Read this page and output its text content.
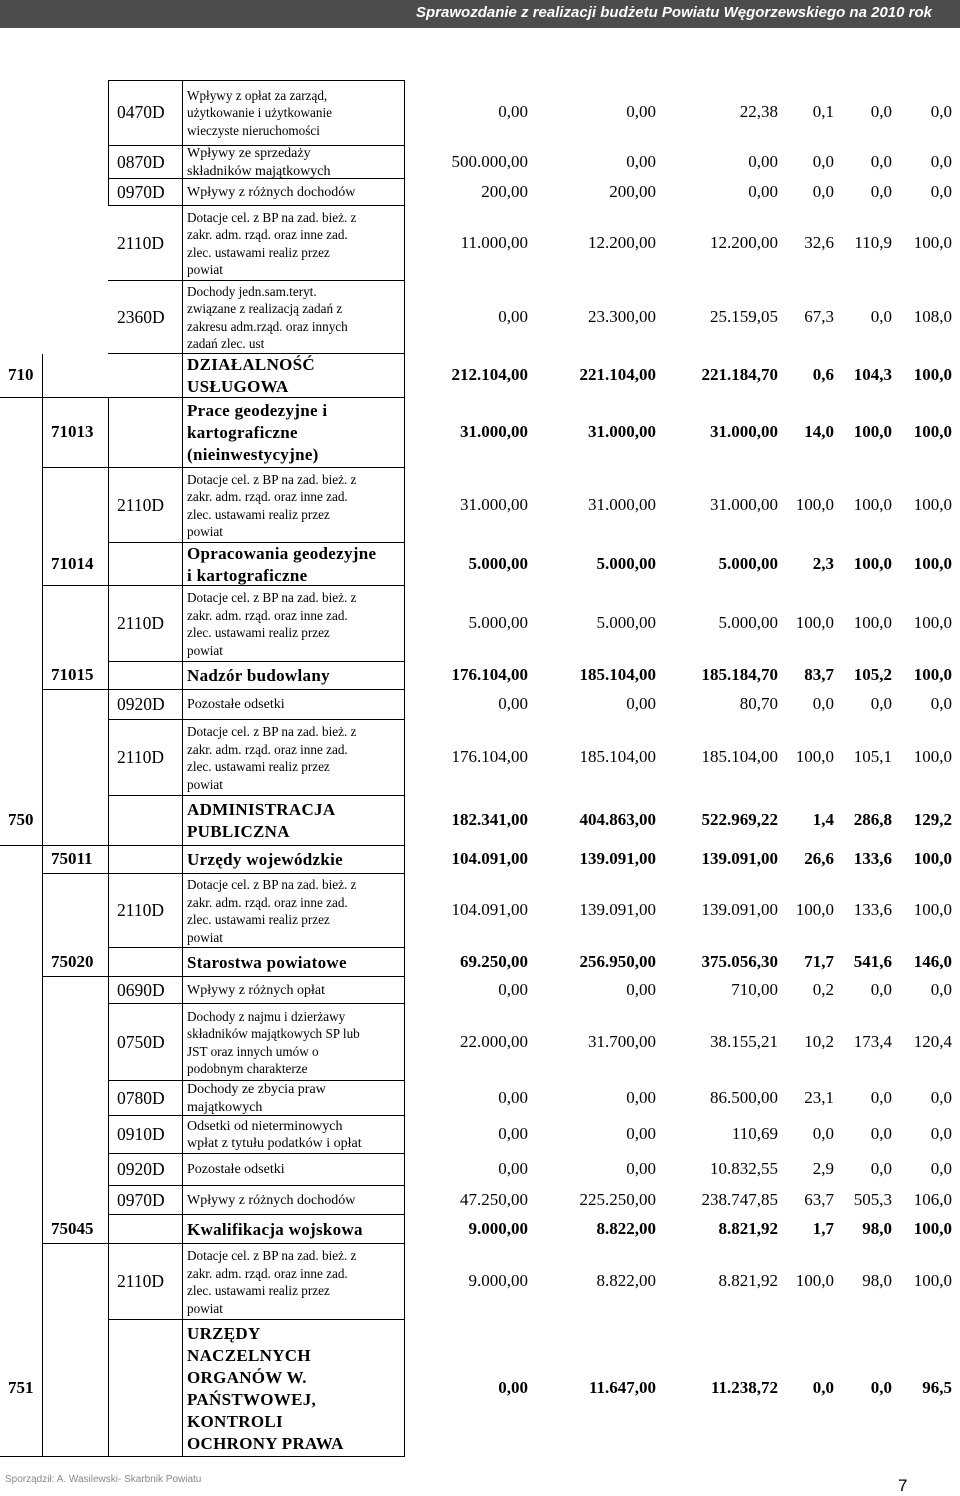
Sprawozdanie z realizacji budżetu Powiatu Węgorzewskiego na 2010 rok
Wpływy z opłat za zarząd,
użytkowanie i użytkowanie
wieczyste nieruchomości
0470D	0,00	0,00	22,38	0,1	0,0	0,0
Wpływy ze sprzedaży
składników majątkowych
0870D	500.000,00	0,00	0,00	0,0	0,0	0,0
Wpływy z różnych dochodów
0970D	200,00	200,00	0,00	0,0	0,0	0,0
Dotacje cel. z BP na zad. bież. z
zakr. adm. rząd. oraz inne zad.
zlec. ustawami realiz przez
powiat
2110D	11.000,00	12.200,00	12.200,00	32,6	110,9	100,0
Dochody jedn.sam.teryt.
związane z realizacją zadań z
zakresu adm.rząd. oraz innych
zadań zlec. ust
2360D	0,00	23.300,00	25.159,05	67,3	0,0	108,0
DZIAŁALNOŚĆ
USŁUGOWA
710	212.104,00	221.104,00	221.184,70	0,6	104,3	100,0
Prace geodezyjne i
kartograficzne
(nieinwestycyjne)
71013	31.000,00	31.000,00	31.000,00	14,0	100,0	100,0
Dotacje cel. z BP na zad. bież. z
zakr. adm. rząd. oraz inne zad.
zlec. ustawami realiz przez
powiat
2110D	31.000,00	31.000,00	31.000,00	100,0	100,0	100,0
Opracowania geodezyjne
i kartograficzne
71014	5.000,00	5.000,00	5.000,00	2,3	100,0	100,0
Dotacje cel. z BP na zad. bież. z
zakr. adm. rząd. oraz inne zad.
zlec. ustawami realiz przez
powiat
2110D	5.000,00	5.000,00	5.000,00	100,0	100,0	100,0
Nadzór budowlany
71015	176.104,00	185.104,00	185.184,70	83,7	105,2	100,0
Pozostałe odsetki
0920D	0,00	0,00	80,70	0,0	0,0	0,0
Dotacje cel. z BP na zad. bież. z
zakr. adm. rząd. oraz inne zad.
zlec. ustawami realiz przez
powiat
2110D	176.104,00	185.104,00	185.104,00	100,0	105,1	100,0
ADMINISTRACJA
PUBLICZNA
750	182.341,00	404.863,00	522.969,22	1,4	286,8	129,2
Urzędy wojewódzkie
75011	104.091,00	139.091,00	139.091,00	26,6	133,6	100,0
Dotacje cel. z BP na zad. bież. z
zakr. adm. rząd. oraz inne zad.
zlec. ustawami realiz przez
powiat
2110D	104.091,00	139.091,00	139.091,00	100,0	133,6	100,0
Starostwa powiatowe
75020	69.250,00	256.950,00	375.056,30	71,7	541,6	146,0
Wpływy z różnych opłat
0690D	0,00	0,00	710,00	0,2	0,0	0,0
Dochody z najmu i dzierżawy
składników majątkowych SP lub
JST oraz innych umów o
podobnym charakterze
0750D	22.000,00	31.700,00	38.155,21	10,2	173,4	120,4
Dochody ze zbycia praw
majątkowych
0780D	0,00	0,00	86.500,00	23,1	0,0	0,0
Odsetki od nieterminowych
wpłat z tytułu podatków i opłat
0910D	0,00	0,00	110,69	0,0	0,0	0,0
Pozostałe odsetki
0920D	0,00	0,00	10.832,55	2,9	0,0	0,0
Wpływy z różnych dochodów
0970D	47.250,00	225.250,00	238.747,85	63,7	505,3	106,0
Kwalifikacja wojskowa
75045	9.000,00	8.822,00	8.821,92	1,7	98,0	100,0
Dotacje cel. z BP na zad. bież. z
zakr. adm. rząd. oraz inne zad.
zlec. ustawami realiz przez
powiat
2110D	9.000,00	8.822,00	8.821,92	100,0	98,0	100,0
URZĘDY
NACZELNYCH
ORGANÓW W.
PAŃSTWOWEJ,
KONTROLI
OCHRONY PRAWA
751	0,00	11.647,00	11.238,72	0,0	0,0	96,5
Sporządził: A. Wasilewski- Skarbnik Powiatu	7
